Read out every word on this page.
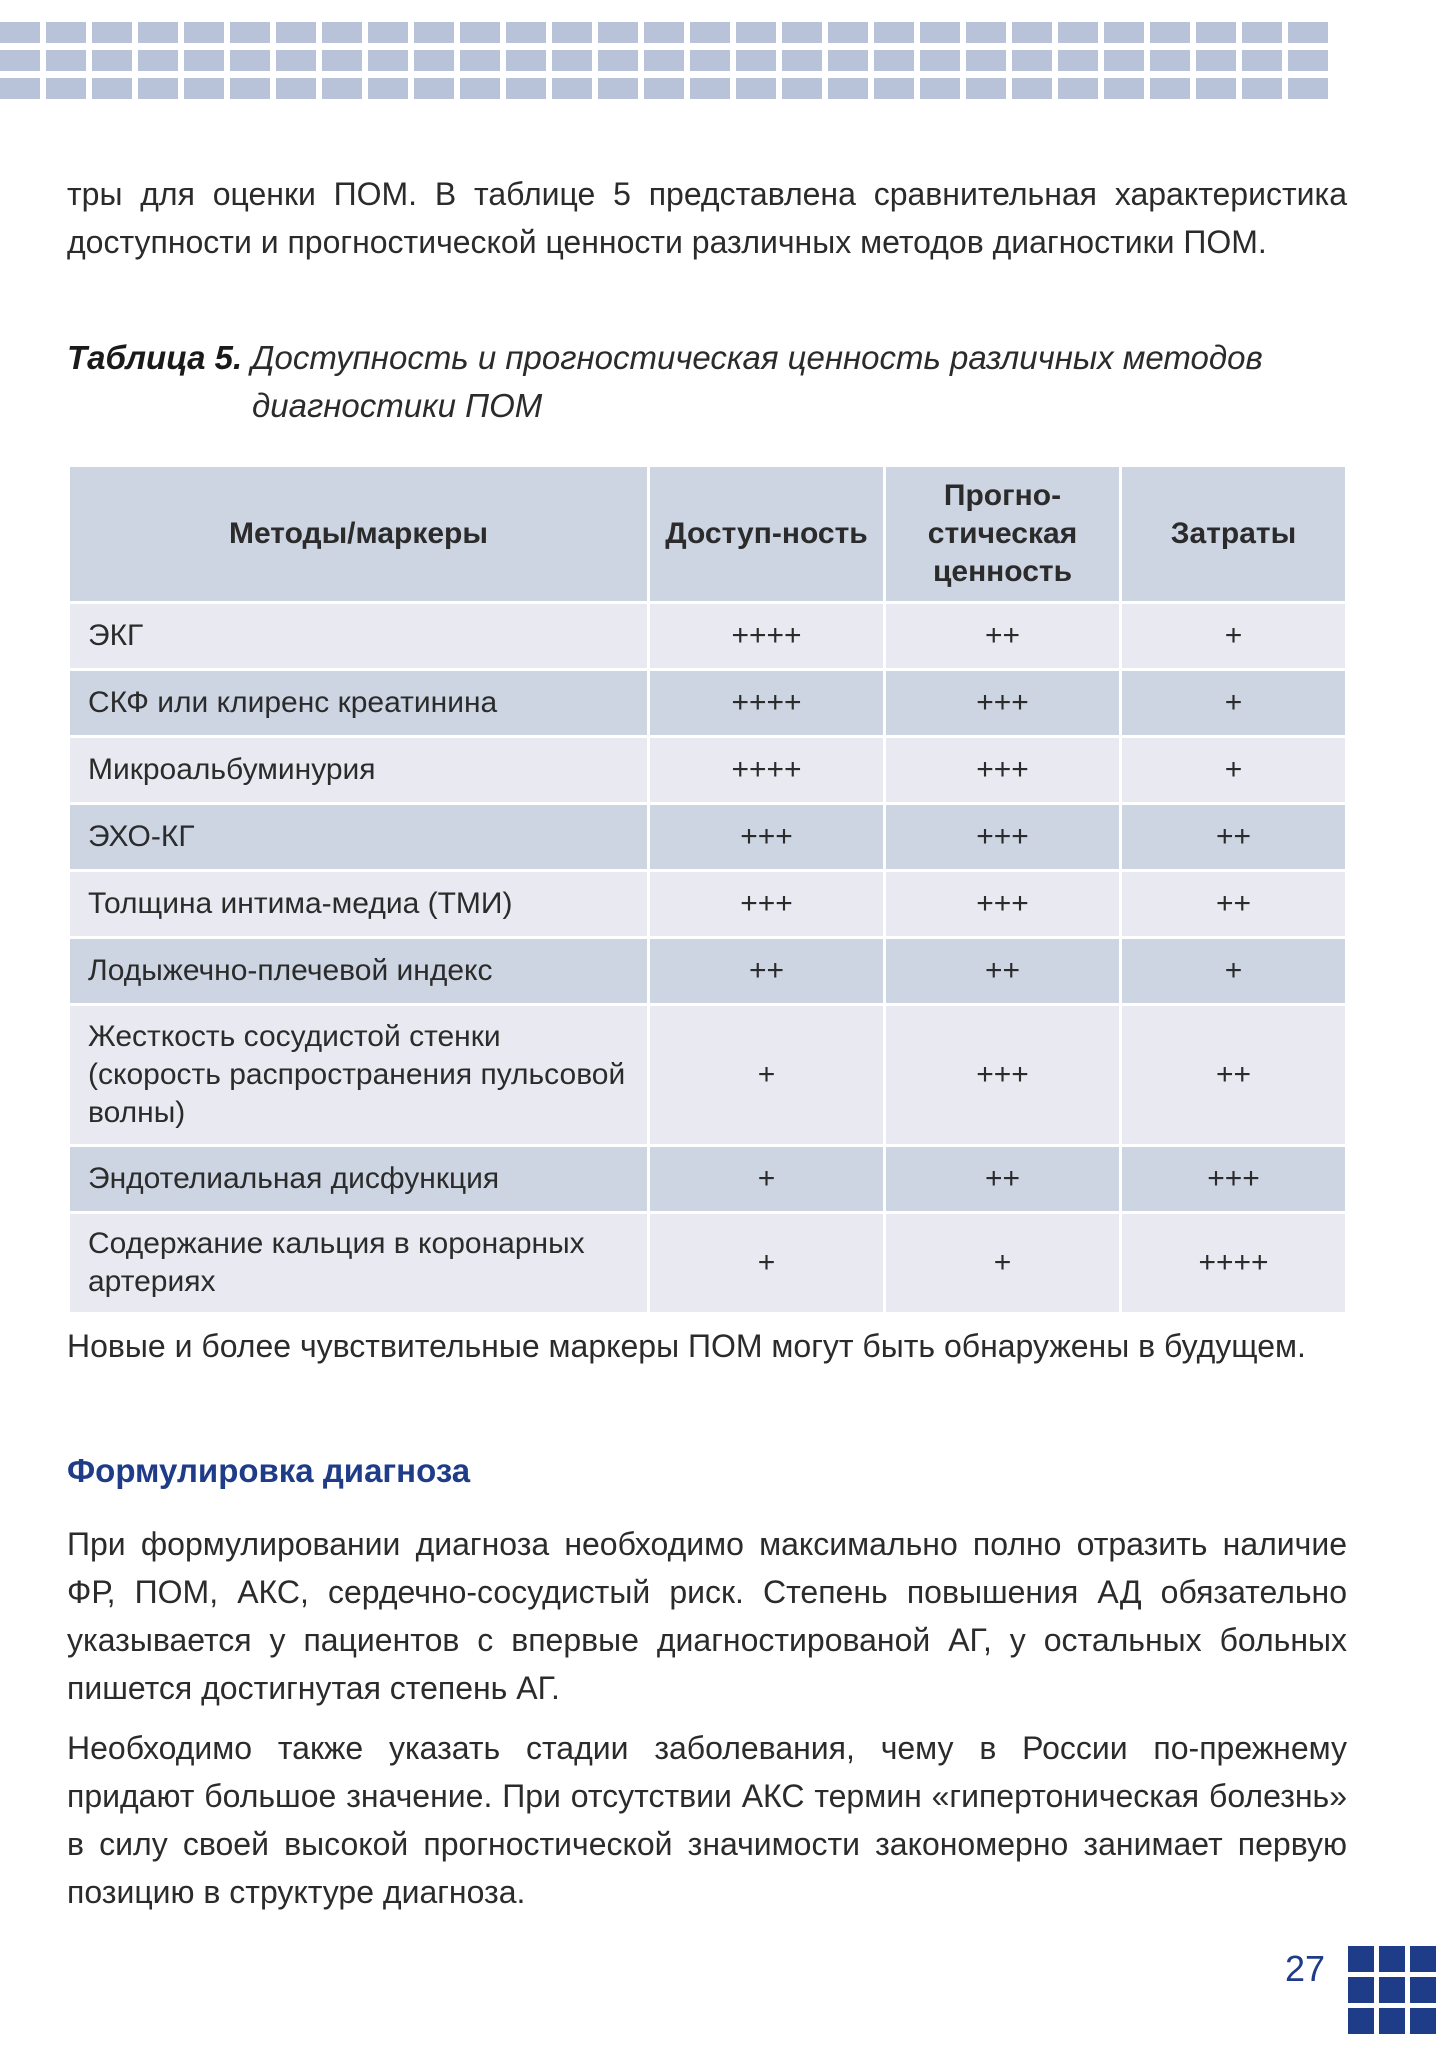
тры для оценки ПОМ. В таблице 5 представлена сравнительная характеристика доступности и прогностической ценности различных методов диагностики ПОМ.

Таблица 5. Доступность и прогностическая ценность различных методов
диагностики ПОМ
Методы/маркеры	Доступ-ность	Прогно-стическая ценность	Затраты
ЭКГ	++++	++	+
СКФ или клиренс креатинина	++++	+++	+
Микроальбуминурия	++++	+++	+
ЭХО-КГ	+++	+++	++
Толщина интима-медиа (ТМИ)	+++	+++	++
Лодыжечно-плечевой индекс	++	++	+
Жесткость сосудистой стенки (скорость распространения пульсовой волны)	+	+++	++
Эндотелиальная дисфункция	+	++	+++
Содержание кальция в коронарных артериях	+	+	++++

Новые и более чувствительные маркеры ПОМ могут быть обнаружены в будущем.

Формулировка диагноза

При формулировании диагноза необходимо максимально полно отразить наличие ФР, ПОМ, АКС, сердечно-сосудистый риск. Степень повышения АД обязательно указывается у пациентов с впервые диагностированой АГ, у остальных больных пишется достигнутая степень АГ.

Необходимо также указать стадии заболевания, чему в России по-прежнему придают большое значение. При отсутствии АКС термин «гипертоническая болезнь» в силу своей высокой прогностической значимости закономерно занимает первую позицию в структуре диагноза.

27
